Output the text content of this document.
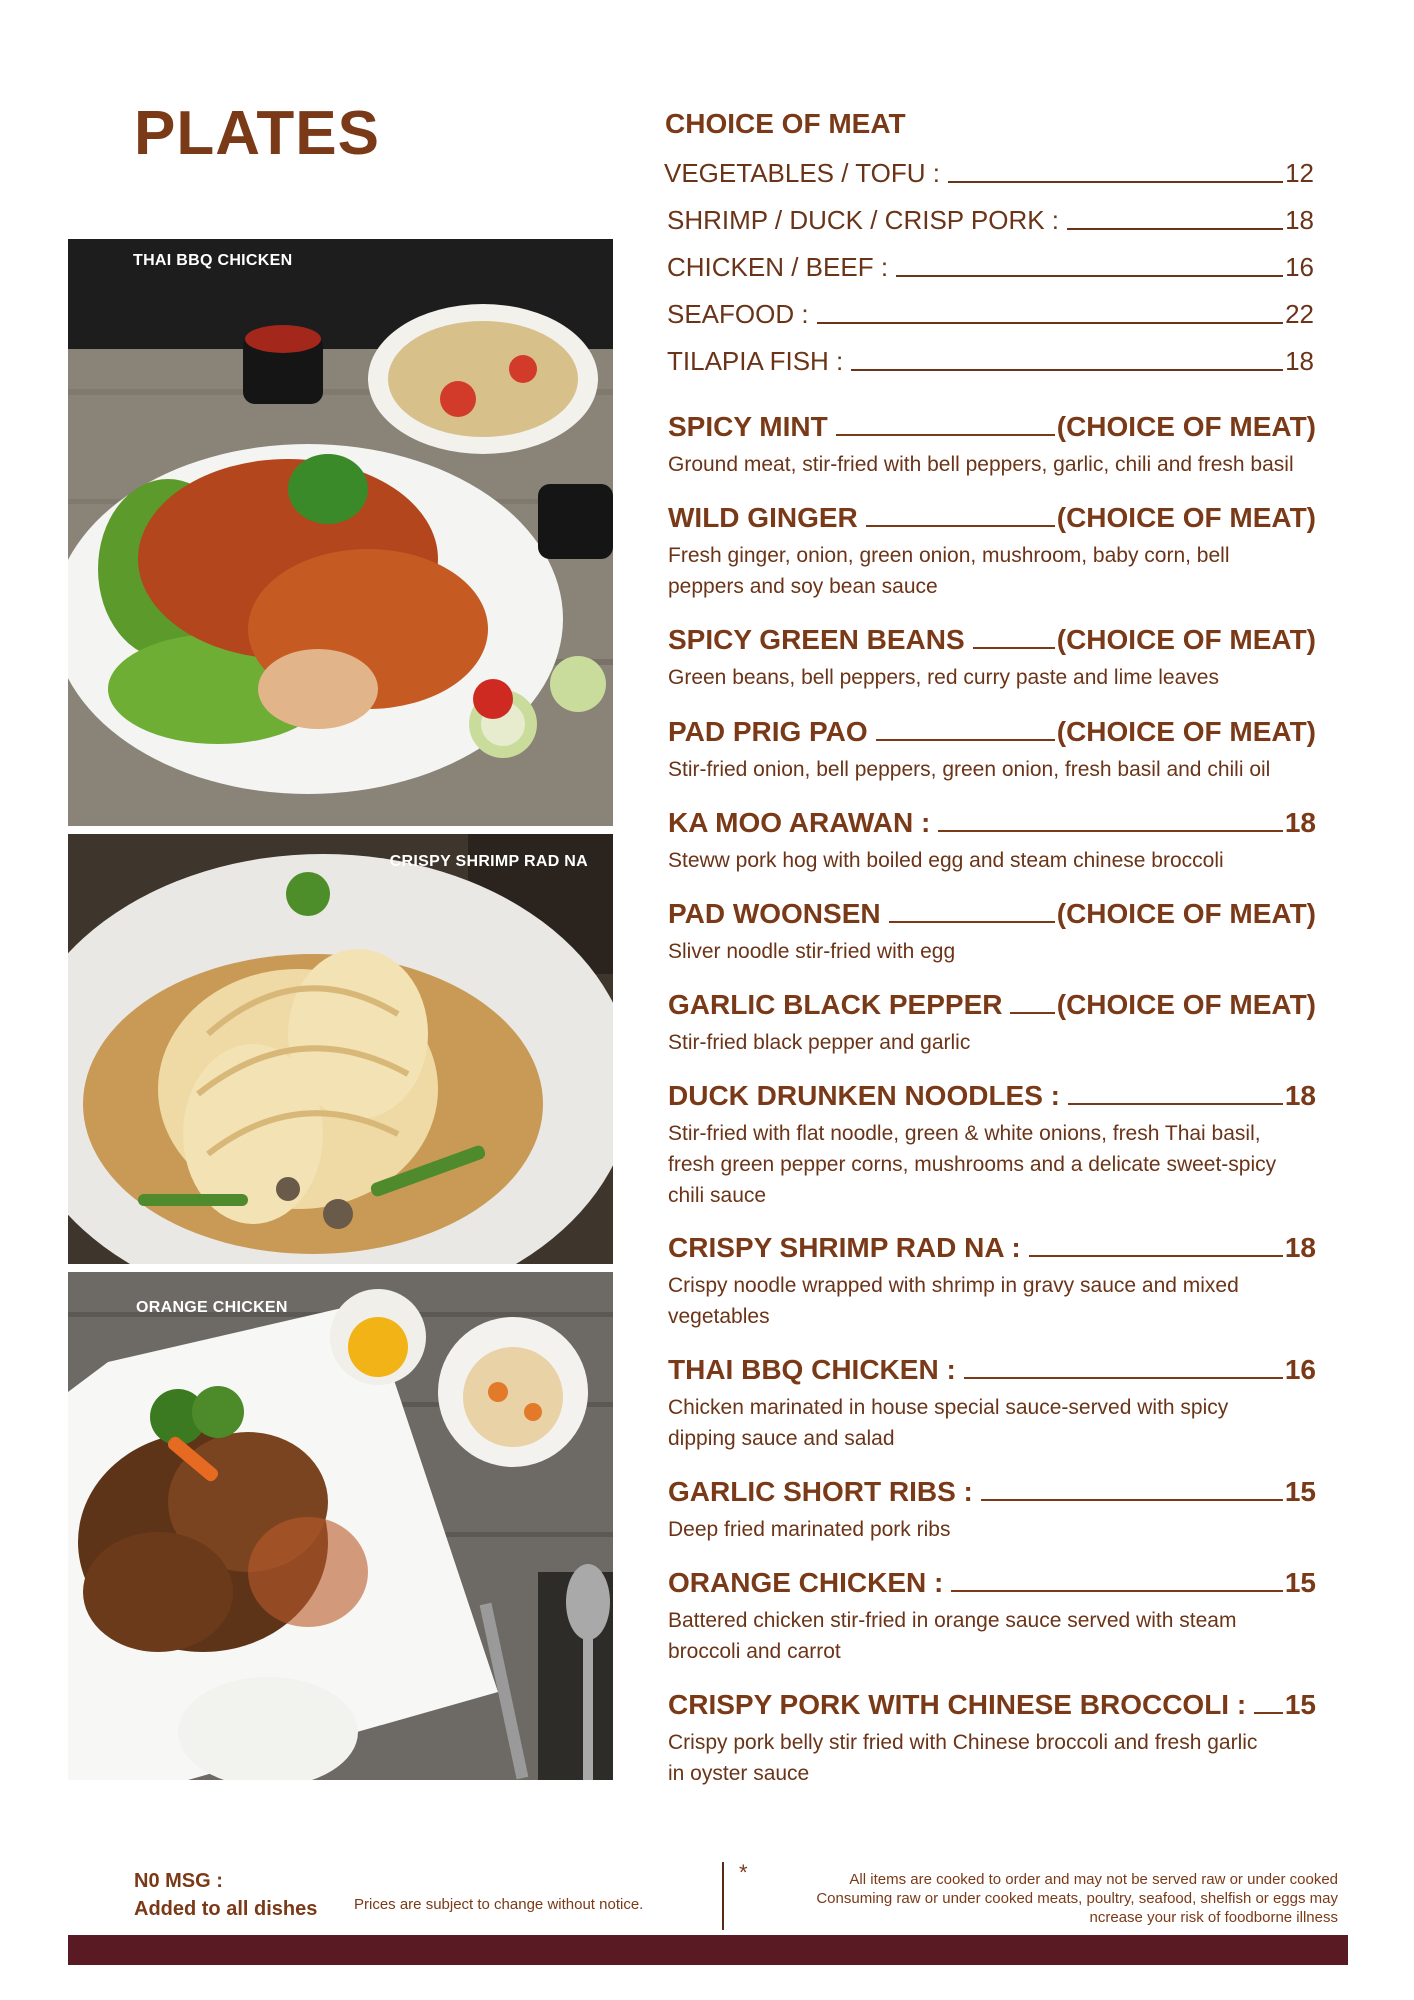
PLATES
THAI BBQ CHICKEN
CRISPY SHRIMP RAD NA
ORANGE CHICKEN
CHOICE OF MEAT
VEGETABLES / TOFU :	12
SHRIMP / DUCK / CRISP PORK :	18
CHICKEN / BEEF :	16
SEAFOOD :	22
TILAPIA FISH :	18
SPICY MINT	(CHOICE OF MEAT)
Ground meat, stir-fried with bell peppers, garlic, chili and fresh basil
WILD GINGER	(CHOICE OF MEAT)
Fresh ginger, onion, green onion, mushroom, baby corn, bell peppers and soy bean sauce
SPICY GREEN BEANS	(CHOICE OF MEAT)
Green beans, bell peppers, red curry paste and lime leaves
PAD PRIG PAO	(CHOICE OF MEAT)
Stir-fried onion, bell peppers, green onion, fresh basil and chili oil
KA MOO ARAWAN :	18
Steww pork hog with boiled egg and steam chinese broccoli
PAD WOONSEN	(CHOICE OF MEAT)
Sliver noodle stir-fried with egg
GARLIC BLACK PEPPER (CHOICE OF MEAT)
Stir-fried black pepper and garlic
DUCK DRUNKEN NOODLES :	18
Stir-fried with flat noodle, green & white onions, fresh Thai basil, fresh green pepper corns, mushrooms and a delicate sweet-spicy chili sauce
CRISPY SHRIMP RAD NA :	18
Crispy noodle wrapped with shrimp in gravy sauce and mixed vegetables
THAI BBQ CHICKEN :	16
Chicken marinated in house special sauce-served with spicy dipping sauce and salad
GARLIC SHORT RIBS :	15
Deep fried marinated pork ribs
ORANGE CHICKEN :	15
Battered chicken stir-fried in orange sauce served with steam broccoli and carrot
CRISPY PORK WITH CHINESE BROCCOLI : 15
Crispy pork belly stir fried with Chinese broccoli and fresh garlic in oyster sauce
N0 MSG :
Added to all dishes Prices are subject to change without notice.
*	All items are cooked to order and may not be served raw or under cooked
Consuming raw or under cooked meats, poultry, seafood, shelfish or eggs may
ncrease your risk of foodborne illness
